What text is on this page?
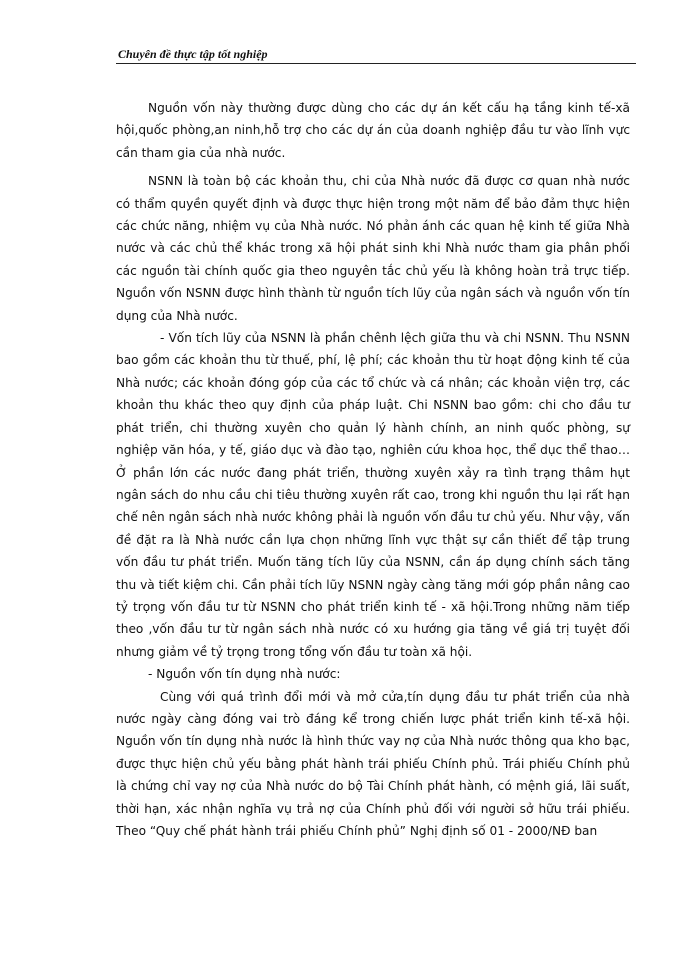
Chuyên đề thực tập tốt nghiệp

Nguồn vốn này thường được dùng cho các dự án kết cấu hạ tầng kinh tế-xã hội,quốc phòng,an ninh,hỗ trợ cho các dự án của doanh nghiệp đầu tư vào lĩnh vực cần tham gia của nhà nước.

NSNN là toàn bộ các khoản thu, chi của Nhà nước đã được cơ quan nhà nước có thẩm quyền quyết định và được thực hiện trong một năm để bảo đảm thực hiện các chức năng, nhiệm vụ của Nhà nước. Nó phản ánh các quan hệ kinh tế giữa Nhà nước và các chủ thể khác trong xã hội phát sinh khi Nhà nước tham gia phân phối các nguồn tài chính quốc gia theo nguyên tắc chủ yếu là không hoàn trả trực tiếp. Nguồn vốn NSNN được hình thành từ nguồn tích lũy của ngân sách và nguồn vốn tín dụng của Nhà nước.

- Vốn tích lũy của NSNN là phần chênh lệch giữa thu và chi NSNN. Thu NSNN bao gồm các khoản thu từ thuế, phí, lệ phí; các khoản thu từ hoạt động kinh tế của Nhà nước; các khoản đóng góp của các tổ chức và cá nhân; các khoản viện trợ, các khoản thu khác theo quy định của pháp luật. Chi NSNN bao gồm: chi cho đầu tư phát triển, chi thường xuyên cho quản lý hành chính, an ninh quốc phòng, sự nghiệp văn hóa, y tế, giáo dục và đào tạo, nghiên cứu khoa học, thể dục thể thao… Ở phần lớn các nước đang phát triển, thường xuyên xảy ra tình trạng thâm hụt ngân sách do nhu cầu chi tiêu thường xuyên rất cao, trong khi nguồn thu lại rất hạn chế nên ngân sách nhà nước không phải là nguồn vốn đầu tư chủ yếu. Như vậy, vấn đề đặt ra là Nhà nước cần lựa chọn những lĩnh vực thật sự cần thiết để tập trung vốn đầu tư phát triển. Muốn tăng tích lũy của NSNN, cần áp dụng chính sách tăng thu và tiết kiệm chi. Cần phải tích lũy NSNN ngày càng tăng mới góp phần nâng cao tỷ trọng vốn đầu tư từ NSNN cho phát triển kinh tế - xã hội.Trong những năm tiếp theo ,vốn đầu tư từ ngân sách nhà nước có xu hướng gia tăng về giá trị tuyệt đối nhưng giảm về tỷ trọng trong tổng vốn đầu tư toàn xã hội.

- Nguồn vốn tín dụng nhà nước:

Cùng với quá trình đổi mới và mở cửa,tín dụng đầu tư phát triển của nhà nước ngày càng đóng vai trò đáng kể trong chiến lược phát triển kinh tế-xã hội. Nguồn vốn tín dụng nhà nước là hình thức vay nợ của Nhà nước thông qua kho bạc, được thực hiện chủ yếu bằng phát hành trái phiếu Chính phủ. Trái phiếu Chính phủ là chứng chỉ vay nợ của Nhà nước do bộ Tài Chính phát hành, có mệnh giá, lãi suất, thời hạn, xác nhận nghĩa vụ trả nợ của Chính phủ đối với người sở hữu trái phiếu. Theo “Quy chế phát hành trái phiếu Chính phủ” Nghị định số 01 - 2000/NĐ ban
